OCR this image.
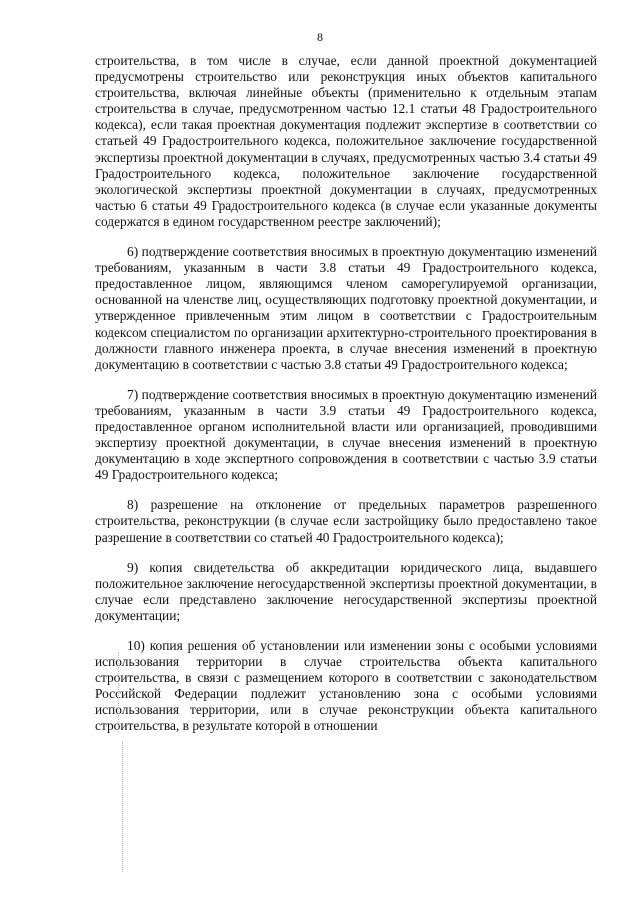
8

строительства, в том числе в случае, если данной проектной документацией предусмотрены строительство или реконструкция иных объектов капитального строительства, включая линейные объекты (применительно к отдельным этапам строительства в случае, предусмотренном частью 12.1 статьи 48 Градостроительного кодекса), если такая проектная документация подлежит экспертизе в соответствии со статьей 49 Градостроительного кодекса, положительное заключение государственной экспертизы проектной документации в случаях, предусмотренных частью 3.4 статьи 49 Градостроительного кодекса, положительное заключение государственной экологической экспертизы проектной документации в случаях, предусмотренных частью 6 статьи 49 Градостроительного кодекса (в случае если указанные документы содержатся в едином государственном реестре заключений);

6) подтверждение соответствия вносимых в проектную документацию изменений требованиям, указанным в части 3.8 статьи 49 Градостроительного кодекса, предоставленное лицом, являющимся членом саморегулируемой организации, основанной на членстве лиц, осуществляющих подготовку проектной документации, и утвержденное привлеченным этим лицом в соответствии с Градостроительным кодексом специалистом по организации архитектурно-строительного проектирования в должности главного инженера проекта, в случае внесения изменений в проектную документацию в соответствии с частью 3.8 статьи 49 Градостроительного кодекса;

7) подтверждение соответствия вносимых в проектную документацию изменений требованиям, указанным в части 3.9 статьи 49 Градостроительного кодекса, предоставленное органом исполнительной власти или организацией, проводившими экспертизу проектной документации, в случае внесения изменений в проектную документацию в ходе экспертного сопровождения в соответствии с частью 3.9 статьи 49 Градостроительного кодекса;

8) разрешение на отклонение от предельных параметров разрешенного строительства, реконструкции (в случае если застройщику было предоставлено такое разрешение в соответствии со статьей 40 Градостроительного кодекса);

9) копия свидетельства об аккредитации юридического лица, выдавшего положительное заключение негосударственной экспертизы проектной документации, в случае если представлено заключение негосударственной экспертизы проектной документации;

10) копия решения об установлении или изменении зоны с особыми условиями использования территории в случае строительства объекта капитального строительства, в связи с размещением которого в соответствии с законодательством Российской Федерации подлежит установлению зона с особыми условиями использования территории, или в случае реконструкции объекта капитального строительства, в результате которой в отношении
